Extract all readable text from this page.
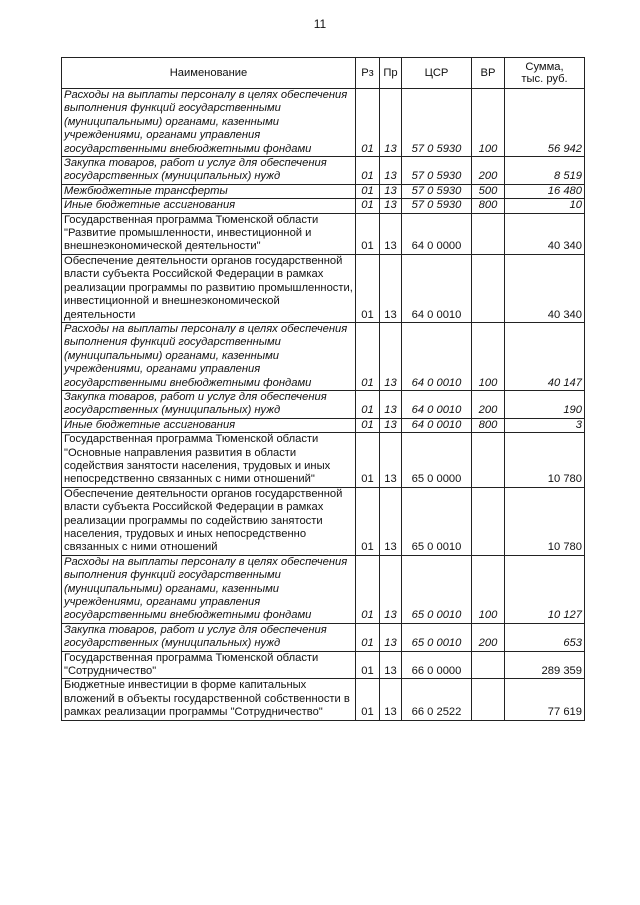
11
Наименование	Рз	Пр	ЦСР	ВР	Сумма,
тыс. руб.
Расходы на выплаты персоналу в целях обеспечения выполнения функций государственными (муниципальными) органами, казенными учреждениями, органами управления государственными внебюджетными фондами	01	13	57 0 5930	100	56 942
Закупка товаров, работ и услуг для обеспечения государственных (муниципальных) нужд	01	13	57 0 5930	200	8 519
Межбюджетные трансферты	01	13	57 0 5930	500	16 480
Иные бюджетные ассигнования	01	13	57 0 5930	800	10
Государственная программа Тюменской области "Развитие промышленности, инвестиционной и внешнеэкономической деятельности"	01	13	64 0 0000		40 340
Обеспечение деятельности органов государственной власти субъекта Российской Федерации в рамках реализации программы по развитию промышленности, инвестиционной и внешнеэкономической деятельности	01	13	64 0 0010		40 340
Расходы на выплаты персоналу в целях обеспечения выполнения функций государственными (муниципальными) органами, казенными учреждениями, органами управления государственными внебюджетными фондами	01	13	64 0 0010	100	40 147
Закупка товаров, работ и услуг для обеспечения государственных (муниципальных) нужд	01	13	64 0 0010	200	190
Иные бюджетные ассигнования	01	13	64 0 0010	800	3
Государственная программа Тюменской области "Основные направления развития в области содействия занятости населения, трудовых и иных непосредственно связанных с ними отношений"	01	13	65 0 0000		10 780
Обеспечение деятельности органов государственной власти субъекта Российской Федерации в рамках реализации программы по содействию занятости населения, трудовых и иных непосредственно связанных с ними отношений	01	13	65 0 0010		10 780
Расходы на выплаты персоналу в целях обеспечения выполнения функций государственными (муниципальными) органами, казенными учреждениями, органами управления государственными внебюджетными фондами	01	13	65 0 0010	100	10 127
Закупка товаров, работ и услуг для обеспечения государственных (муниципальных) нужд	01	13	65 0 0010	200	653
Государственная программа Тюменской области "Сотрудничество"	01	13	66 0 0000		289 359
Бюджетные инвестиции в форме капитальных вложений в объекты государственной собственности в рамках реализации программы "Сотрудничество"	01	13	66 0 2522		77 619
